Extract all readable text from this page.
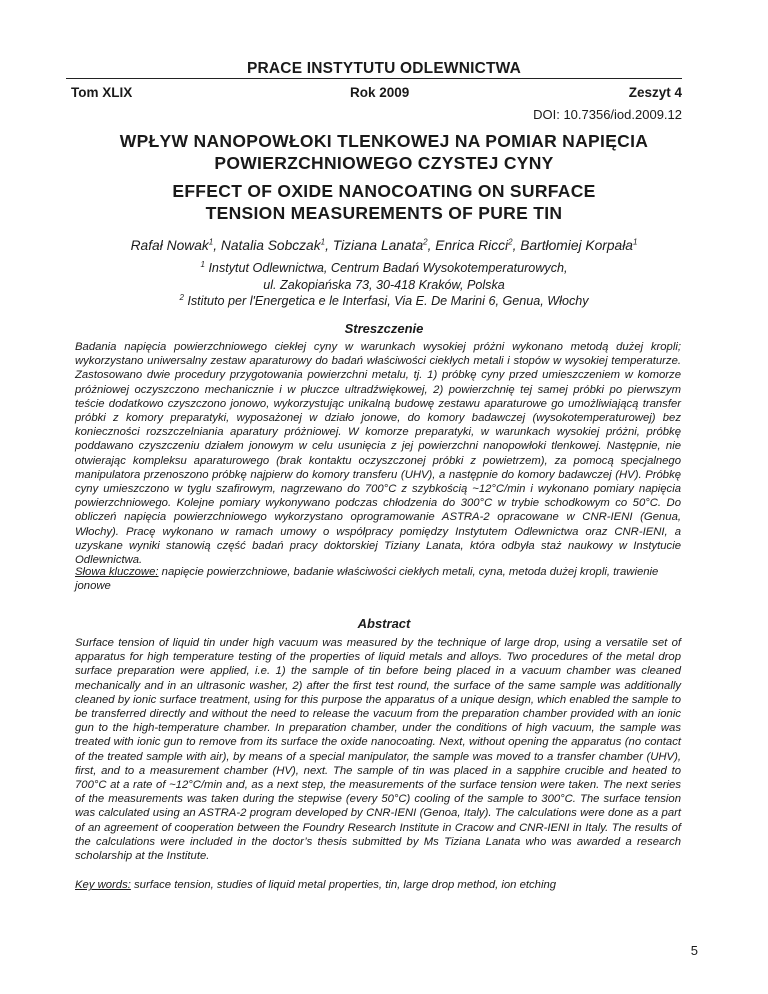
PRACE INSTYTUTU ODLEWNICTWA
Tom XLIX	Rok 2009	Zeszyt 4
DOI: 10.7356/iod.2009.12
WPŁYW NANOPOWŁOKI TLENKOWEJ NA POMIAR NAPIĘCIA
POWIERZCHNIOWEGO CZYSTEJ CYNY
EFFECT OF OXIDE NANOCOATING ON SURFACE
TENSION MEASUREMENTS OF PURE TIN
Rafał Nowak$^1$, Natalia Sobczak$^1$, Tiziana Lanata$^2$, Enrica Ricci$^2$, Bartłomiej Korpała$^1$
$^1$ Instytut Odlewnictwa, Centrum Badań Wysokotemperaturowych,
ul. Zakopiańska 73, 30-418 Kraków, Polska
$^2$ Istituto per l'Energetica e le Interfasi, Via E. De Marini 6, Genua, Włochy
Streszczenie
Badania napięcia powierzchniowego ciekłej cyny w warunkach wysokiej próżni wykonano metodą dużej kropli; wykorzystano uniwersalny zestaw aparaturowy do badań właściwości ciekłych metali i stopów w wysokiej temperaturze. Zastosowano dwie procedury przygotowania powierzchni metalu, tj. 1) próbkę cyny przed umieszczeniem w komorze próżniowej oczyszczono mechanicznie i w płuczce ultradźwiękowej, 2) powierzchnię tej samej próbki po pierwszym teście dodatkowo czyszczono jonowo, wykorzystując unikalną budowę zestawu aparaturowe go umożliwiającą transfer próbki z komory preparatyki, wyposażonej w działo jonowe, do komory badawczej (wysokotemperaturowej) bez konieczności rozszczelniania aparatury próżniowej. W komorze preparatyki, w warunkach wysokiej próżni, próbkę poddawano czyszczeniu działem jonowym w celu usunięcia z jej powierzchni nanopowłoki tlenkowej. Następnie, nie otwierając kompleksu aparaturowego (brak kontaktu oczyszczonej próbki z powietrzem), za pomocą specjalnego manipulatora przenoszono próbkę najpierw do komory transferu (UHV), a następnie do komory badawczej (HV). Próbkę cyny umieszczono w tyglu szafirowym, nagrzewano do 700°C z szybkością ~12°C/min i wykonano pomiary napięcia powierzchniowego. Kolejne pomiary wykonywano podczas chłodzenia do 300°C w trybie schodkowym co 50°C. Do obliczeń napięcia powierzchniowego wykorzystano oprogramowanie ASTRA-2 opracowane w CNR-IENI (Genua, Włochy). Pracę wykonano w ramach umowy o współpracy pomiędzy Instytutem Odlewnictwa oraz CNR-IENI, a uzyskane wyniki stanowią część badań pracy doktorskiej Tiziany Lanata, która odbyła staż naukowy w Instytucie Odlewnictwa.
Słowa kluczowe: napięcie powierzchniowe, badanie właściwości ciekłych metali, cyna, metoda dużej kropli, trawienie jonowe
Abstract
Surface tension of liquid tin under high vacuum was measured by the technique of large drop, using a versatile set of apparatus for high temperature testing of the properties of liquid metals and alloys. Two procedures of the metal drop surface preparation were applied, i.e. 1) the sample of tin before being placed in a vacuum chamber was cleaned mechanically and in an ultrasonic washer, 2) after the first test round, the surface of the same sample was additionally cleaned by ionic surface treatment, using for this purpose the apparatus of a unique design, which enabled the sample to be transferred directly and without the need to release the vacuum from the preparation chamber provided with an ionic gun to the high-temperature chamber. In preparation chamber, under the conditions of high vacuum, the sample was treated with ionic gun to remove from its surface the oxide nanocoating. Next, without opening the apparatus (no contact of the treated sample with air), by means of a special manipulator, the sample was moved to a transfer chamber (UHV), first, and to a measurement chamber (HV), next. The sample of tin was placed in a sapphire crucible and heated to 700°C at a rate of ~12°C/min and, as a next step, the measurements of the surface tension were taken. The next series of the measurements was taken during the stepwise (every 50°C) cooling of the sample to 300°C. The surface tension was calculated using an ASTRA-2 program developed by CNR-IENI (Genoa, Italy). The calculations were done as a part of an agreement of cooperation between the Foundry Research Institute in Cracow and CNR-IENI in Italy. The results of the calculations were included in the doctor’s thesis submitted by Ms Tiziana Lanata who was awarded a research scholarship at the Institute.
Key words: surface tension, studies of liquid metal properties, tin, large drop method, ion etching
5
